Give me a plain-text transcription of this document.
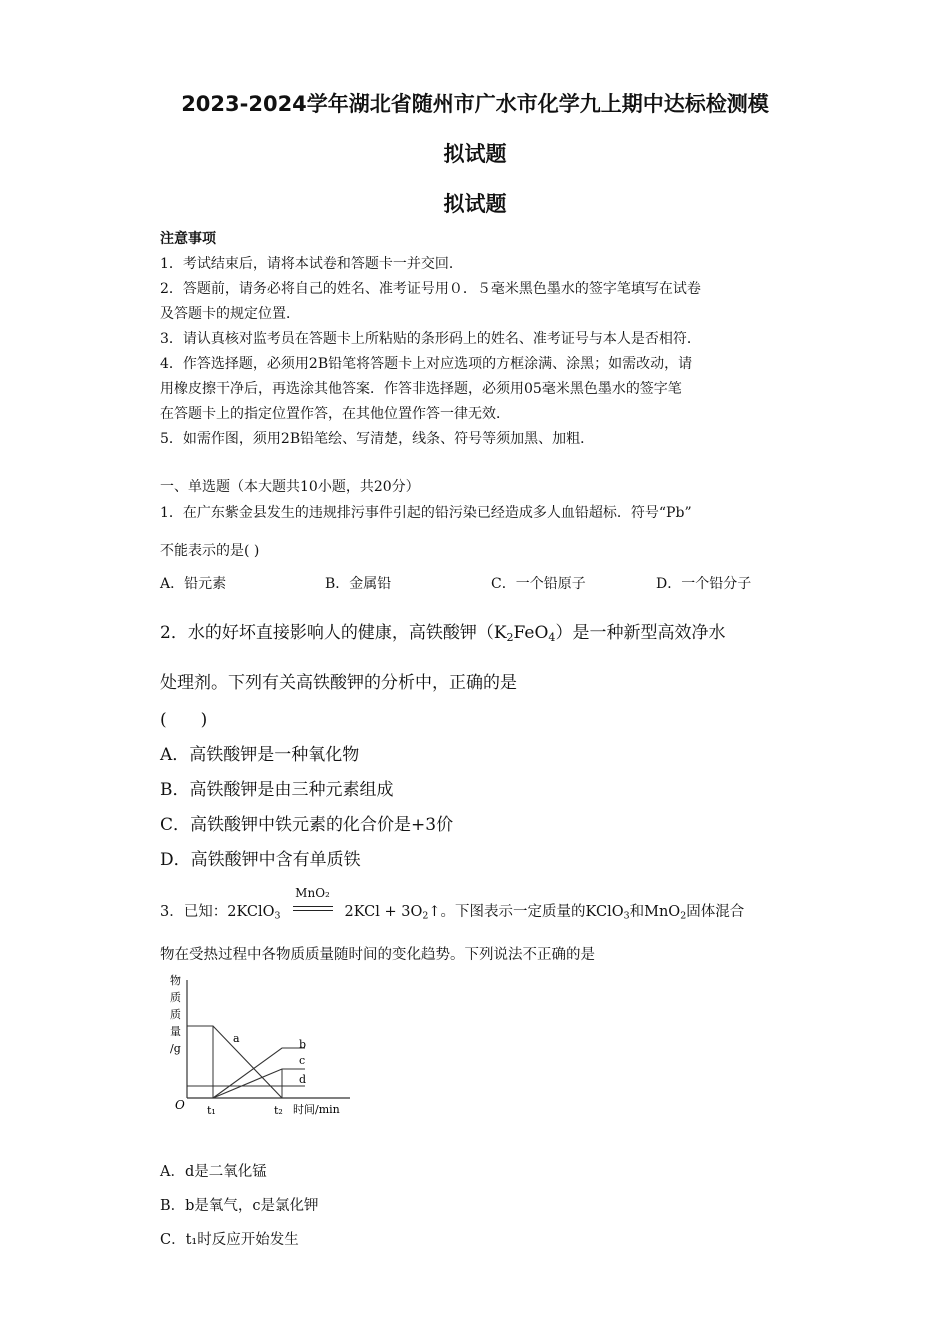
2023-2024学年湖北省随州市广水市化学九上期中达标检测模
拟试题
拟试题
注意事项
1．考试结束后，请将本试卷和答题卡一并交回．
2．答题前，请务必将自己的姓名、准考证号用０．５毫米黑色墨水的签字笔填写在试卷
及答题卡的规定位置．
3．请认真核对监考员在答题卡上所粘贴的条形码上的姓名、准考证号与本人是否相符．
4．作答选择题，必须用2B铅笔将答题卡上对应选项的方框涂满、涂黑；如需改动，请
用橡皮擦干净后，再选涂其他答案．作答非选择题，必须用05毫米黑色墨水的签字笔
在答题卡上的指定位置作答，在其他位置作答一律无效．
5．如需作图，须用2B铅笔绘、写清楚，线条、符号等须加黑、加粗．
一、单选题（本大题共10小题，共20分）
1．在广东紫金县发生的违规排污事件引起的铅污染已经造成多人血铅超标．符号“Pb”
不能表示的是( )
A．铅元素	B．金属铅	C．一个铅原子	D．一个铅分子
2．水的好坏直接影响人的健康，高铁酸钾$(K_2FeO_4)$是一种新型高效净水
处理剂。下列有关高铁酸钾的分析中，正确的是
(　　)
A．高铁酸钾是一种氧化物
B．高铁酸钾是由三种元素组成
C．高铁酸钾中铁元素的化合价是+3价
D．高铁酸钾中含有单质铁
3．已知：2KClO$_3$
MnO₂
$2KCl + 3O_2↑$。下图表示一定质量的KClO$_3$和MnO$_2$固体混合
物在受热过程中各物质质量随时间的变化趋势。下列说法不正确的是
物
质
质
量
/g
O t₁	t₂ 时间/min
a	b
c
d
A．d是二氧化锰
B．b是氧气，c是氯化钾
C．t₁时反应开始发生
